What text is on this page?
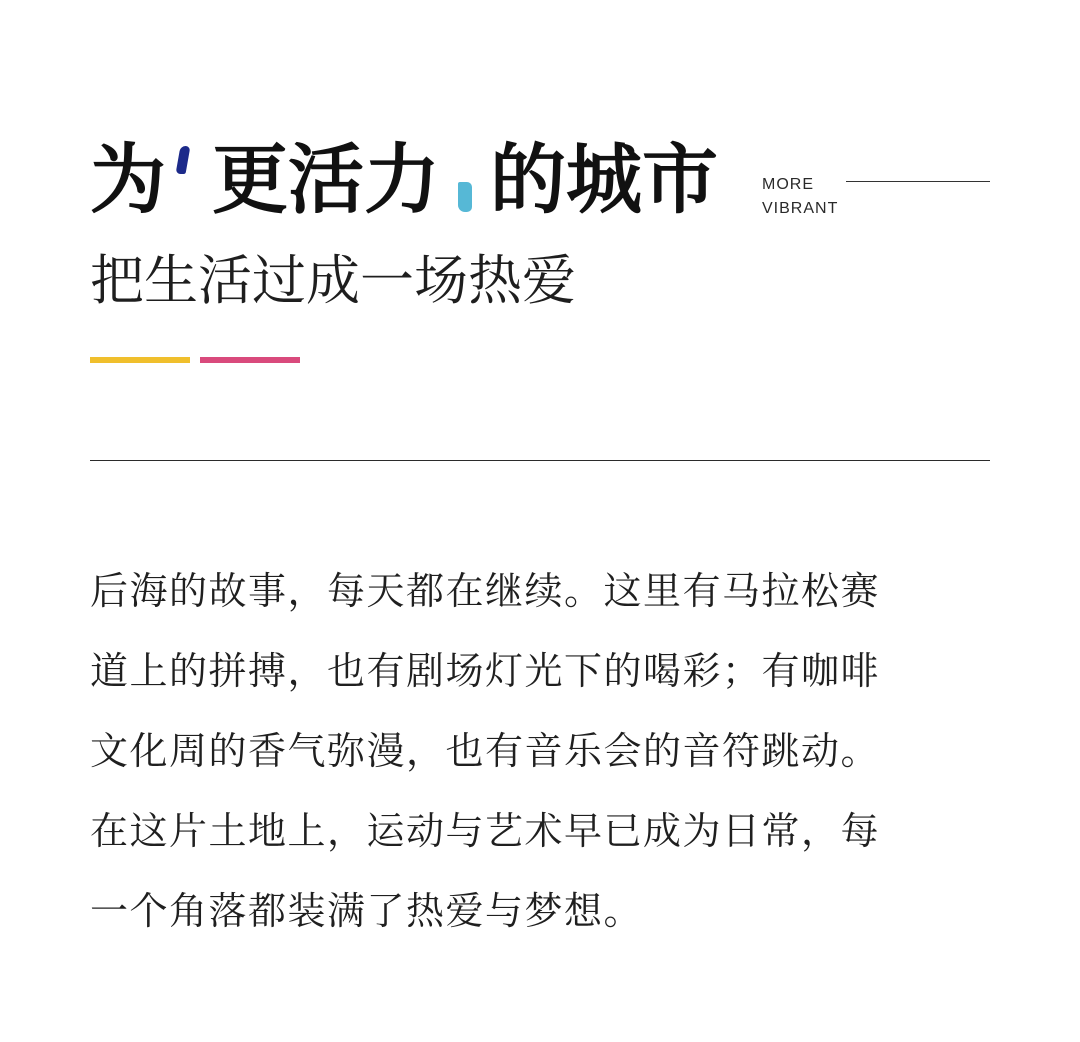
为 更活力 的城市	MORE
VIBRANT
把生活过成一场热爱
后海的故事，每天都在继续。这里有马拉松赛
道上的拼搏，也有剧场灯光下的喝彩；有咖啡
文化周的香气弥漫，也有音乐会的音符跳动。
在这片土地上，运动与艺术早已成为日常，每
一个角落都装满了热爱与梦想。
